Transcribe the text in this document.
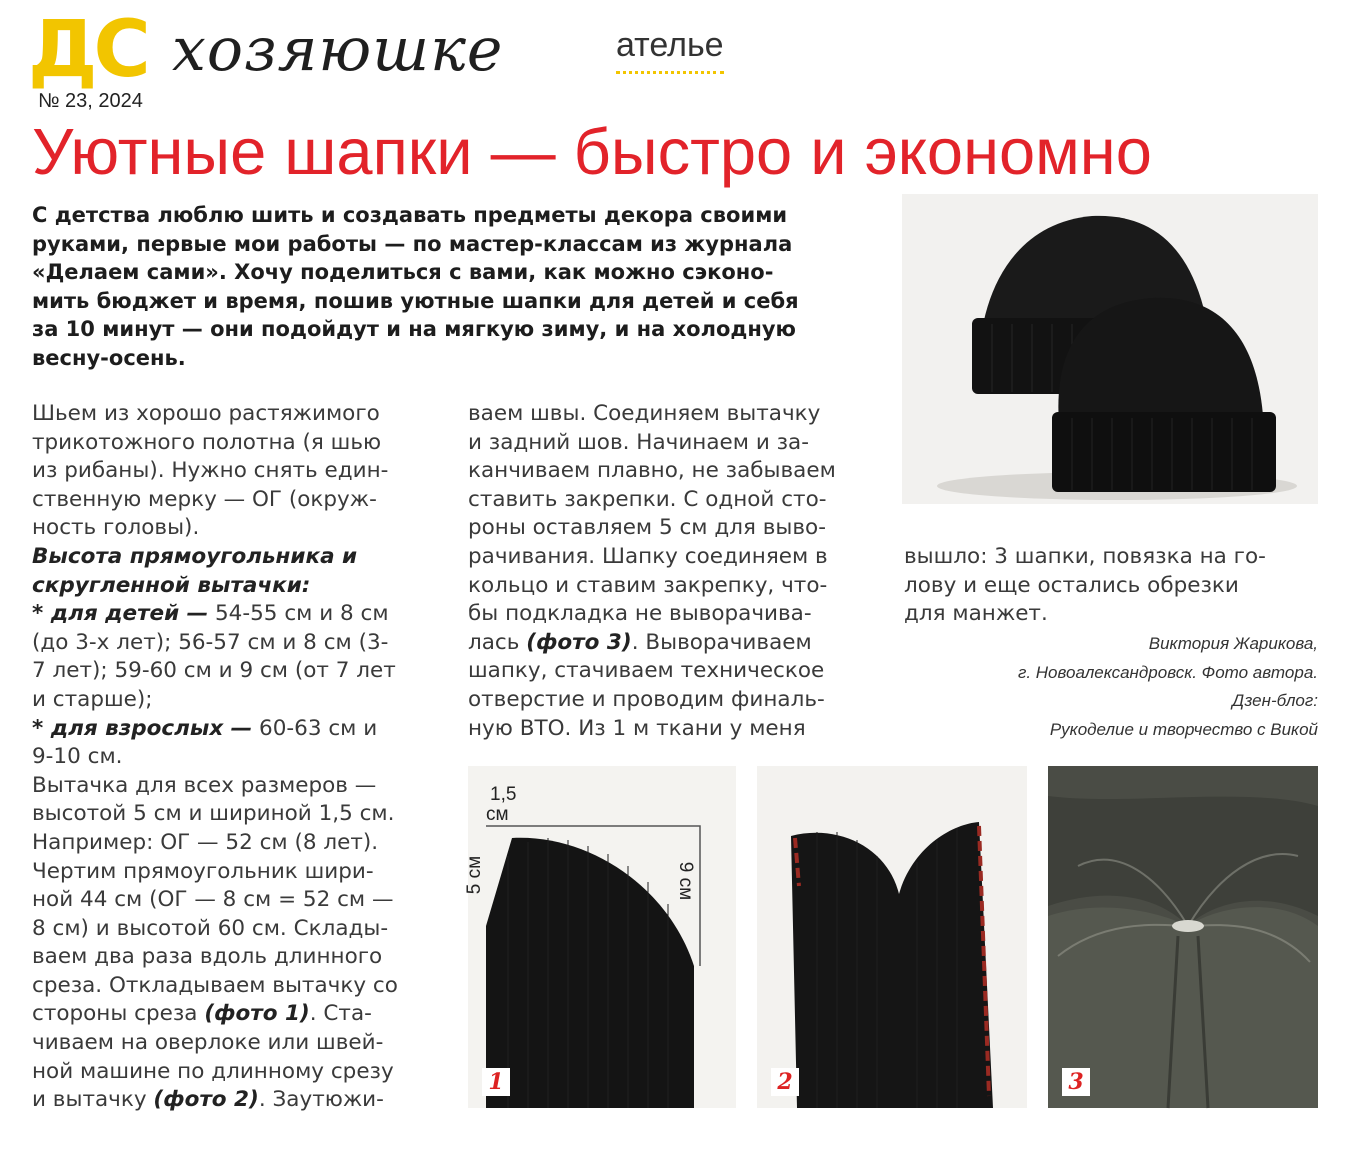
ДС хозяюшке	ателье
№ 23, 2024
Уютные шапки — быстро и экономно
С детства люблю шить и создавать предметы декора своими
руками, первые мои работы — по мастер-классам из журнала
«Делаем сами». Хочу поделиться с вами, как можно сэконо-
мить бюджет и время, пошив уютные шапки для детей и себя
за 10 минут — они подойдут и на мягкую зиму, и на холодную
весну-осень.
Шьем из хорошо растяжимого
трикотожного полотна (я шью
из рибаны). Нужно снять един-
ственную мерку — ОГ (окруж-
ность головы).
Высота прямоугольника и
скругленной вытачки:
* для детей — 54-55 см и 8 см
(до 3-х лет); 56-57 см и 8 см (3-
7 лет); 59-60 см и 9 см (от 7 лет
и старше);
* для взрослых — 60-63 см и
9-10 см.
Вытачка для всех размеров —
высотой 5 см и шириной 1,5 см.
Например: ОГ — 52 см (8 лет).
Чертим прямоугольник шири-
ной 44 см (ОГ — 8 см = 52 см —
8 см) и высотой 60 см. Склады-
ваем два раза вдоль длинного
среза. Откладываем вытачку со
стороны среза (фото 1). Ста-
чиваем на оверлоке или швей-
ной машине по длинному срезу
и вытачку (фото 2). Заутюжи-
ваем швы. Соединяем вытачку
и задний шов. Начинаем и за-
канчиваем плавно, не забываем
ставить закрепки. С одной сто-
роны оставляем 5 см для выво-
рачивания. Шапку соединяем в
кольцо и ставим закрепку, что-
бы подкладка не выворачива-
лась (фото 3). Выворачиваем
шапку, стачиваем техническое
отверстие и проводим финаль-
ную ВТО. Из 1 м ткани у меня
вышло: 3 шапки, повязка на го-
лову и еще остались обрезки
для манжет.
Виктория Жарикова,
г. Новоалександровск. Фото автора.
Дзен-блог:
Рукоделие и творчество с Викой
1,5
см
5 см	9 см
1	2	3
